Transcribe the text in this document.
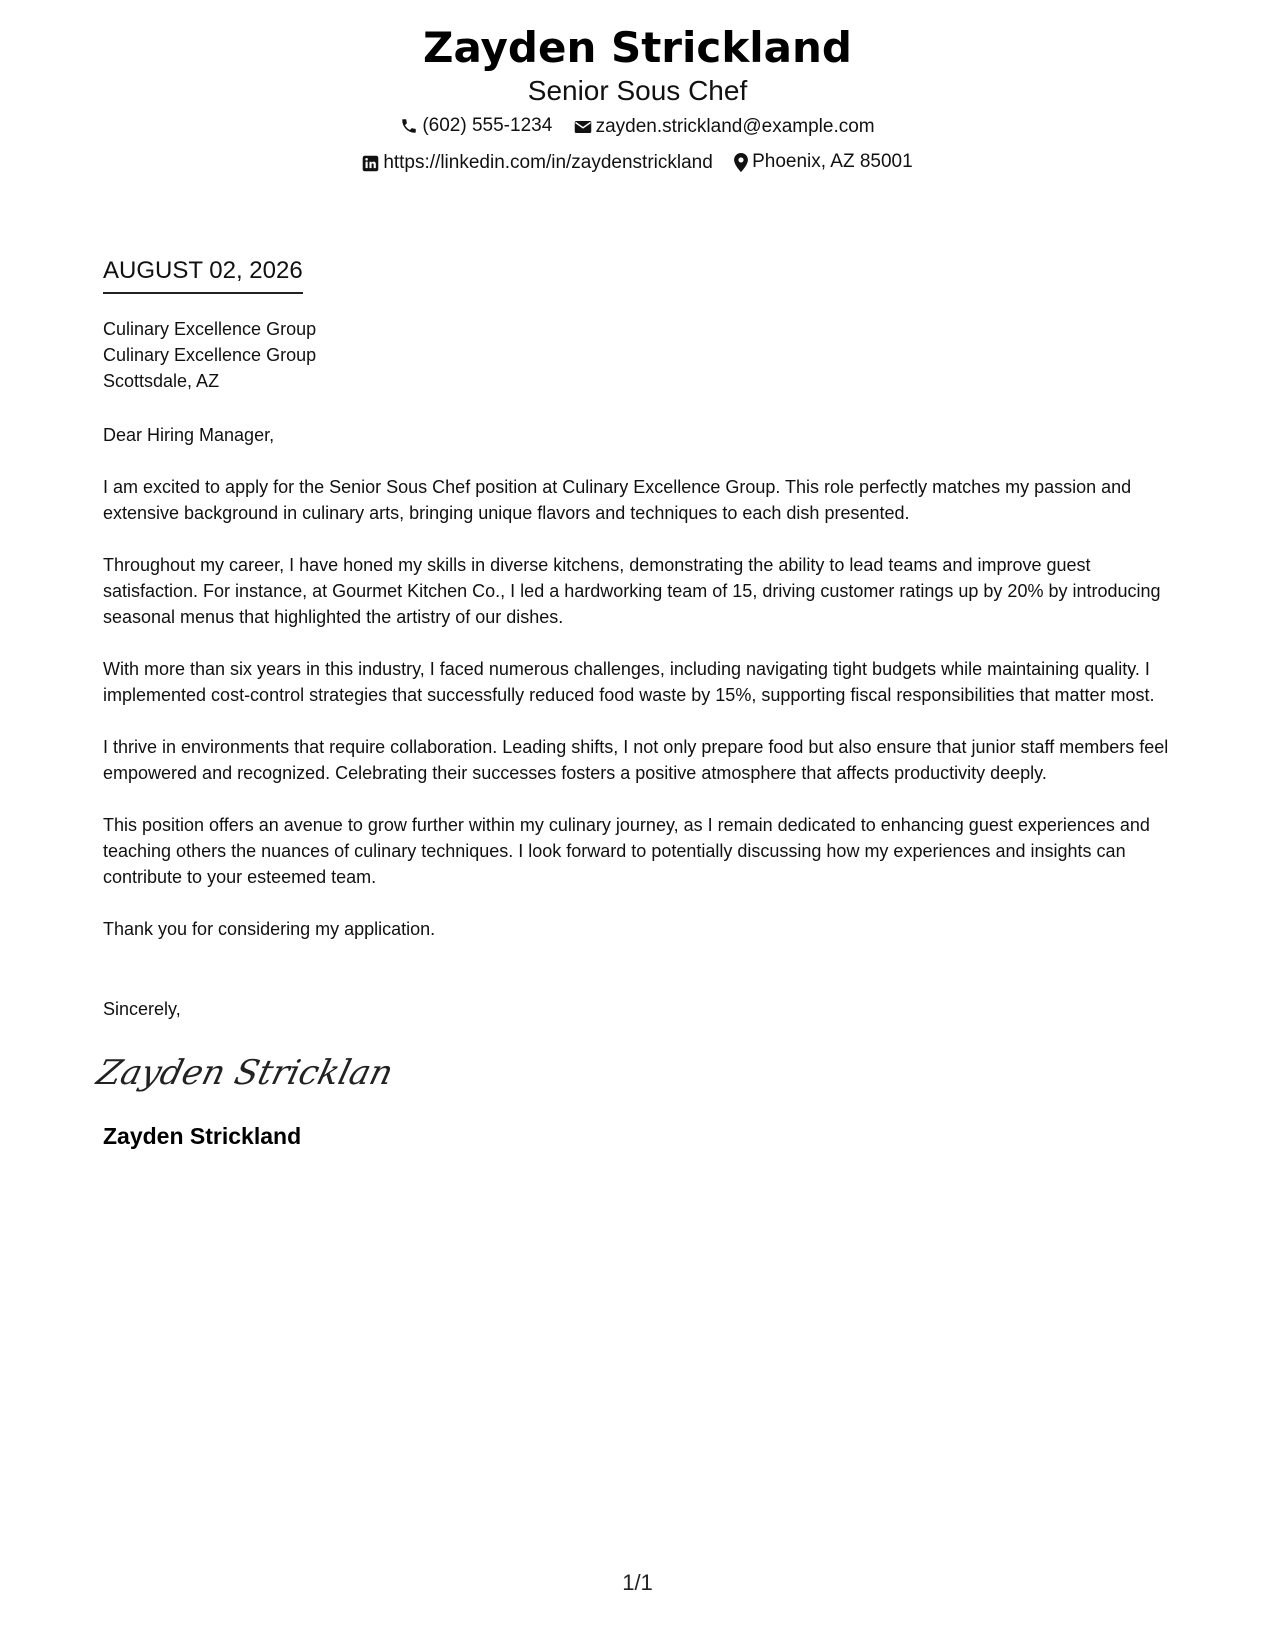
Zayden Strickland
Senior Sous Chef
(602) 555-1234
zayden.strickland@example.com
https://linkedin.com/in/zaydenstrickland
Phoenix, AZ 85001
AUGUST 02, 2026
Culinary Excellence Group
Culinary Excellence Group
Scottsdale, AZ

Dear Hiring Manager,

I am excited to apply for the Senior Sous Chef position at Culinary Excellence Group. This role perfectly matches my passion and extensive background in culinary arts, bringing unique flavors and techniques to each dish presented.

Throughout my career, I have honed my skills in diverse kitchens, demonstrating the ability to lead teams and improve guest satisfaction. For instance, at Gourmet Kitchen Co., I led a hardworking team of 15, driving customer ratings up by 20% by introducing seasonal menus that highlighted the artistry of our dishes.

With more than six years in this industry, I faced numerous challenges, including navigating tight budgets while maintaining quality. I implemented cost-control strategies that successfully reduced food waste by 15%, supporting fiscal responsibilities that matter most.

I thrive in environments that require collaboration. Leading shifts, I not only prepare food but also ensure that junior staff members feel empowered and recognized. Celebrating their successes fosters a positive atmosphere that affects productivity deeply.

This position offers an avenue to grow further within my culinary journey, as I remain dedicated to enhancing guest experiences and teaching others the nuances of culinary techniques. I look forward to potentially discussing how my experiences and insights can contribute to your esteemed team.

Thank you for considering my application.

Sincerely,
Zayden Stricklan
Zayden Strickland
1/1
